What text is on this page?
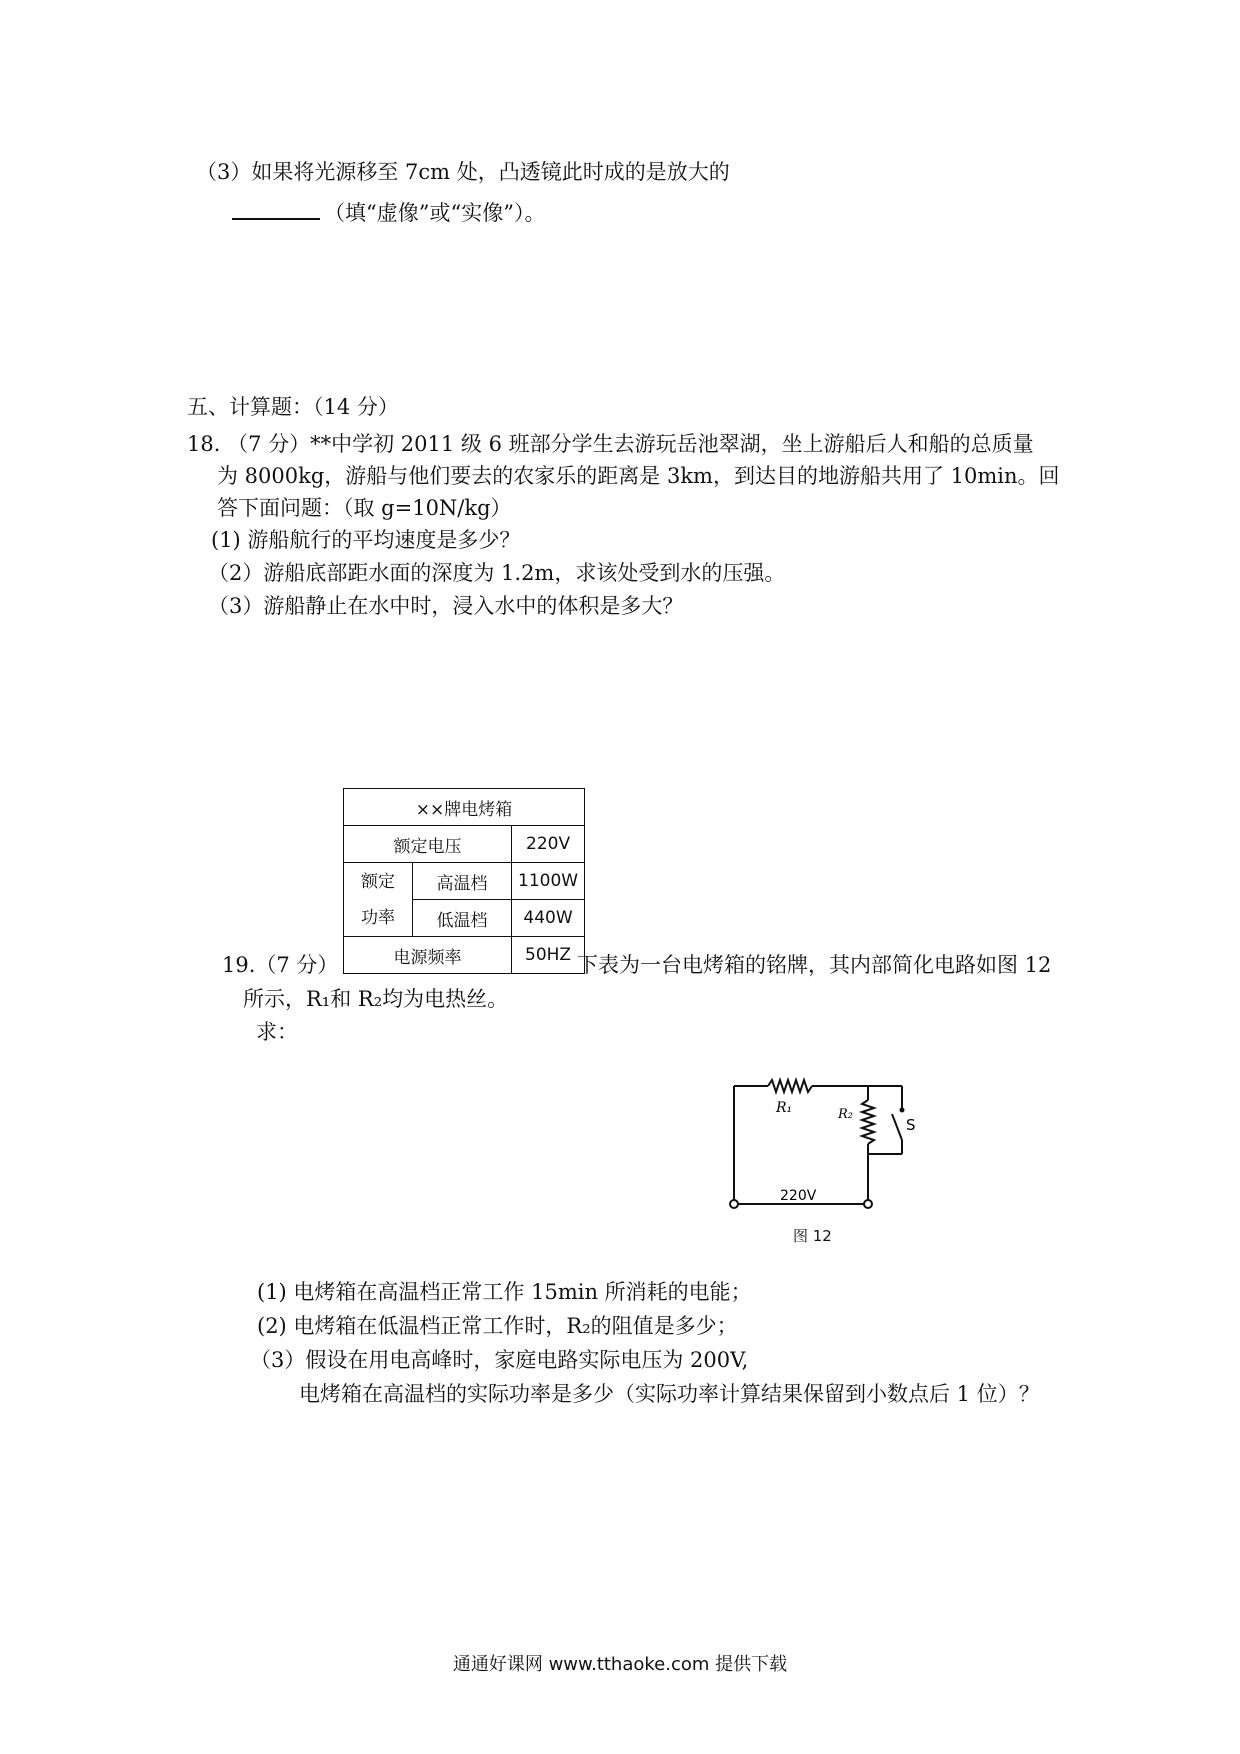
（3）如果将光源移至 7cm 处，凸透镜此时成的是放大的
（填“虚像”或“实像”）。
五、计算题：（14 分）
18. （7 分）**中学初 2011 级 6 班部分学生去游玩岳池翠湖，坐上游船后人和船的总质量
为 8000kg，游船与他们要去的农家乐的距离是 3km，到达目的地游船共用了 10min。回
答下面问题：（取 g=10N/kg）
(1) 游船航行的平均速度是多少？
（2）游船底部距水面的深度为 1.2m，求该处受到水的压强。
（3）游船静止在水中时，浸入水中的体积是多大？
××牌电烤箱		
额定电压		220V

额定
功率	高温档	1100W
	低温档	440W
电源频率		50HZ
19.（7 分）	下表为一台电烤箱的铭牌，其内部简化电路如图 12
所示，R₁和 R₂均为电热丝。
求：
R₁	R₂
S
220V
图 12
(1) 电烤箱在高温档正常工作 15min 所消耗的电能；
(2) 电烤箱在低温档正常工作时，R₂的阻值是多少；
（3）假设在用电高峰时，家庭电路实际电压为 200V,
电烤箱在高温档的实际功率是多少（实际功率计算结果保留到小数点后 1 位）？
通通好课网 www.tthaoke.com 提供下载
